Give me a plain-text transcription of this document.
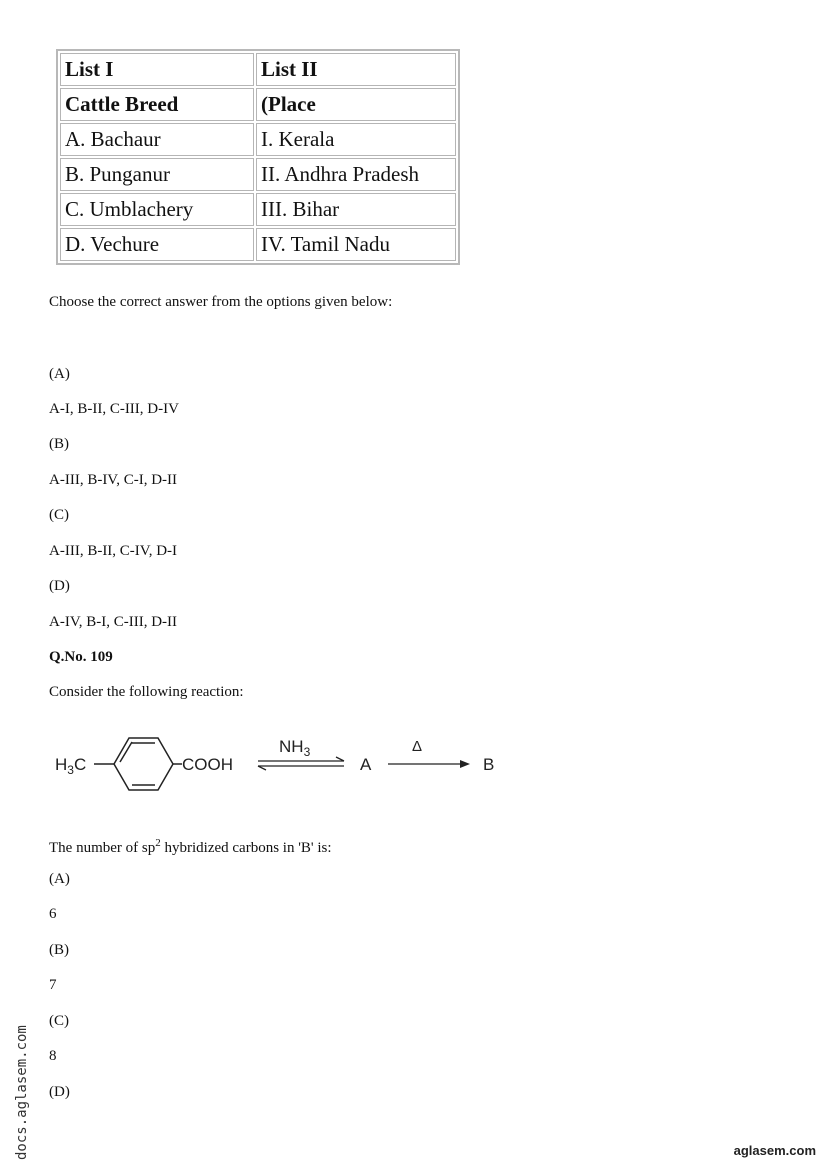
List I	List II
Cattle Breed	(Place
A. Bachaur	I. Kerala
B. Punganur	II. Andhra Pradesh
C. Umblachery	III. Bihar
D. Vechure	IV. Tamil Nadu
Choose the correct answer from the options given below:
(A)
A-I, B-II, C-III, D-IV
(B)
A-III, B-IV, C-I, D-II
(C)
A-III, B-II, C-IV, D-I
(D)
A-IV, B-I, C-III, D-II
Q.No. 109
Consider the following reaction:
$H_3C$	COOH
$NH_3$
A
Δ
B
The number of $sp^2$ hybridized carbons in 'B' is:
(A)
6
(B)
7
(C)
8
(D)
docs.aglasem.com	aglasem.com
